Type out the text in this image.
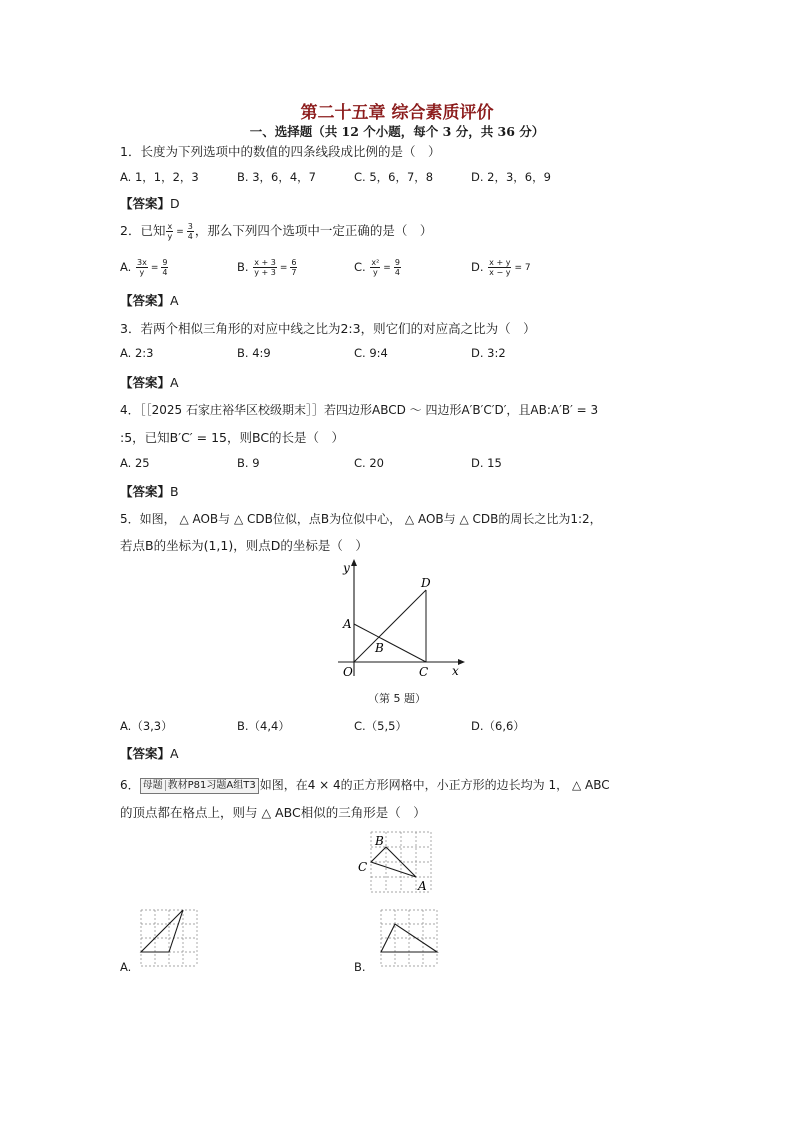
第二十五章 综合素质评价
一、选择题（共 12 个小题，每个 3 分，共 36 分）
1．长度为下列选项中的数值的四条线段成比例的是（　）
A. 1，1，2，3	B. 3，6，4，7	C. 5，6，7，8	D. 2，3，6，9
【答案】D
2．已知 $\frac{x}{y} = \frac{3}{4}$ ，那么下列四个选项中一定正确的是（　）
A. $\frac{3x}{y} = \frac{9}{4}$	B. $\frac{x + 3}{y + 3} = \frac{6}{7}$	C. $\frac{\text{x²}}{y} = \frac{9}{4}$	D. $\frac{x + y}{x - y} = 7$
【答案】A
3．若两个相似三角形的对应中线之比为2:3，则它们的对应高之比为（　）
A. 2:3	B. 4:9	C. 9:4	D. 3:2
【答案】A
4．［［2025 石家庄裕华区校级期末］］若四边形ABCD ～ 四边形A′B′C′D′，且AB:A′B′ = 3
:5，已知B′C′ = 15，则BC的长是（　）
A. 25	B. 9	C. 20	D. 15
【答案】B
5．如图， △ AOB与 △ CDB位似，点B为位似中心， △ AOB与 △ CDB的周长之比为1:2，
若点B的坐标为(1,1)，则点D的坐标是（　）
y
x
O
A
B
C
D
（第 5 题）
A.（3,3）	B.（4,4）	C.（5,5）	D.（6,6）
【答案】A
6． 母题 教材P81习题A组T3 如图，在4 × 4的正方形网格中，小正方形的边长均为 1， △ ABC
的顶点都在格点上，则与 △ ABC相似的三角形是（　）
B
C
A
A.	B.
